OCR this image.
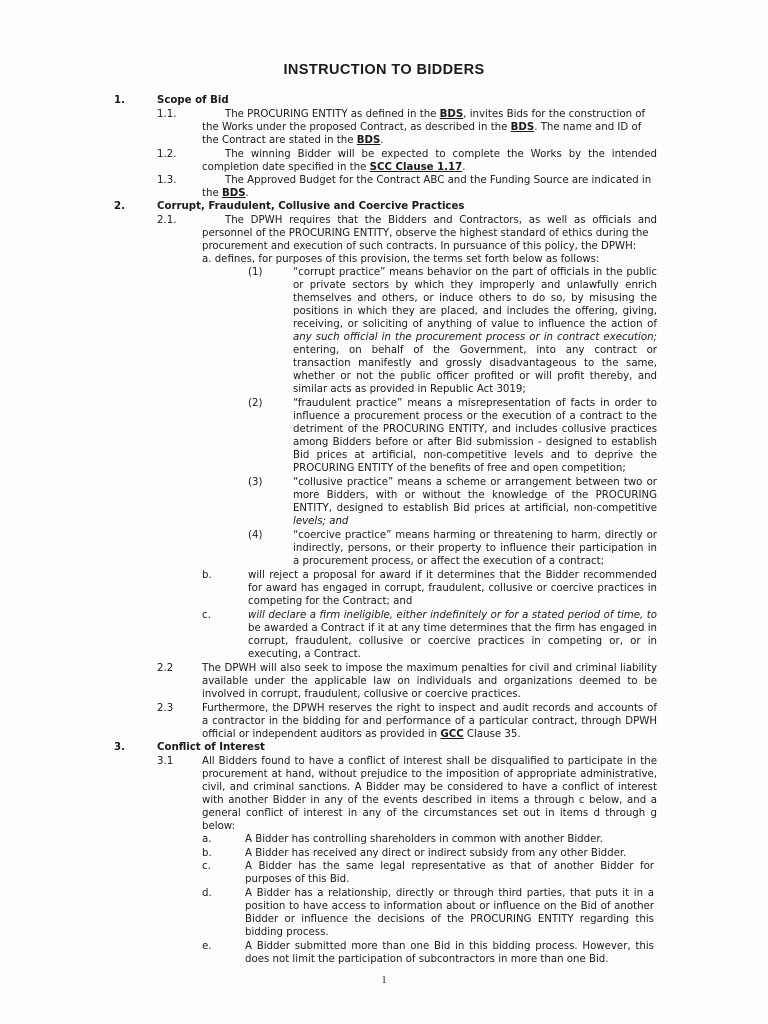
INSTRUCTION TO BIDDERS
1.	Scope of Bid
1.1.	The PROCURING ENTITY as defined in the BDS, invites Bids for the construction of
the Works under the proposed Contract, as described in the BDS. The name and ID of
the Contract are stated in the BDS.
1.2.	The winning Bidder will be expected to complete the Works by the intended
completion date specified in the SCC Clause 1.17.
1.3.	The Approved Budget for the Contract ABC and the Funding Source are indicated in
the BDS.
2.	Corrupt, Fraudulent, Collusive and Coercive Practices
2.1.	The DPWH requires that the Bidders and Contractors, as well as officials and
personnel of the PROCURING ENTITY, observe the highest standard of ethics during the
procurement and execution of such contracts. In pursuance of this policy, the DPWH:
a. defines, for purposes of this provision, the terms set forth below as follows:
(1)	“corrupt practice” means behavior on the part of officials in the public
or private sectors by which they improperly and unlawfully enrich
themselves and others, or induce others to do so, by misusing the
positions in which they are placed, and includes the offering, giving,
receiving, or soliciting of anything of value to influence the action of
any such official in the procurement process or in contract execution;
entering, on behalf of the Government, into any contract or
transaction manifestly and grossly disadvantageous to the same,
whether or not the public officer profited or will profit thereby, and
similar acts as provided in Republic Act 3019;
(2)	“fraudulent practice” means a misrepresentation of facts in order to
influence a procurement process or the execution of a contract to the
detriment of the PROCURING ENTITY, and includes collusive practices
among Bidders before or after Bid submission - designed to establish
Bid prices at artificial, non-competitive levels and to deprive the
PROCURING ENTITY of the benefits of free and open competition;
(3)	“collusive practice” means a scheme or arrangement between two or
more Bidders, with or without the knowledge of the PROCURING
ENTITY, designed to establish Bid prices at artificial, non-competitive
levels; and
(4)	“coercive practice” means harming or threatening to harm, directly or
indirectly, persons, or their property to influence their participation in
a procurement process, or affect the execution of a contract;
b.	will reject a proposal for award if it determines that the Bidder recommended
for award has engaged in corrupt, fraudulent, collusive or coercive practices in
competing for the Contract; and
c.	will declare a firm ineligible, either indefinitely or for a stated period of time, to
be awarded a Contract if it at any time determines that the firm has engaged in
corrupt, fraudulent, collusive or coercive practices in competing or, or in
executing, a Contract.
2.2	The DPWH will also seek to impose the maximum penalties for civil and criminal liability
available under the applicable law on individuals and organizations deemed to be
involved in corrupt, fraudulent, collusive or coercive practices.
2.3	Furthermore, the DPWH reserves the right to inspect and audit records and accounts of
a contractor in the bidding for and performance of a particular contract, through DPWH
official or independent auditors as provided in GCC Clause 35.
3.	Conflict of Interest
3.1	All Bidders found to have a conflict of interest shall be disqualified to participate in the
procurement at hand, without prejudice to the imposition of appropriate administrative,
civil, and criminal sanctions. A Bidder may be considered to have a conflict of interest
with another Bidder in any of the events described in items a through c below, and a
general conflict of interest in any of the circumstances set out in items d through g
below:
a.	A Bidder has controlling shareholders in common with another Bidder.
b.	A Bidder has received any direct or indirect subsidy from any other Bidder.
c.	A Bidder has the same legal representative as that of another Bidder for
purposes of this Bid.
d.	A Bidder has a relationship, directly or through third parties, that puts it in a
position to have access to information about or influence on the Bid of another
Bidder or influence the decisions of the PROCURING ENTITY regarding this
bidding process.
e.	A Bidder submitted more than one Bid in this bidding process. However, this
does not limit the participation of subcontractors in more than one Bid.
1
